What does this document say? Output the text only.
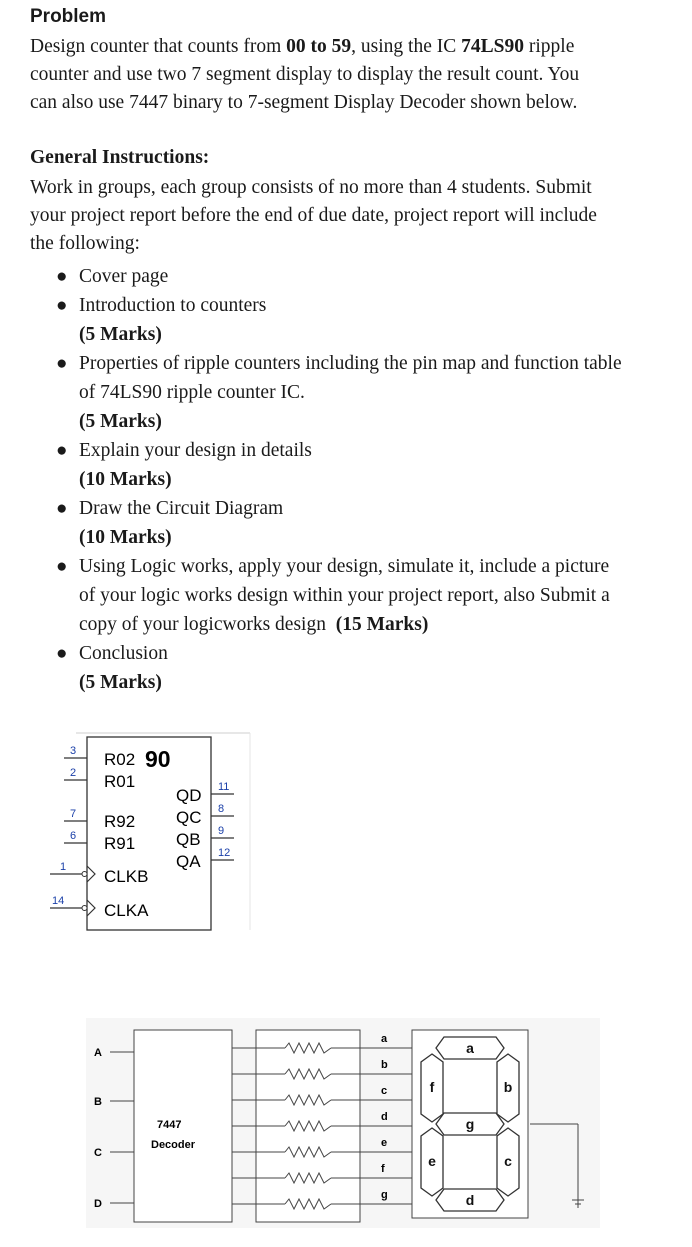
Problem
Design counter that counts from 00 to 59, using the IC 74LS90 ripple
counter and use two 7 segment display to display the result count. You
can also use 7447 binary to 7-segment Display Decoder shown below.
General Instructions:
Work in groups, each group consists of no more than 4 students. Submit
your project report before the end of due date, project report will include
the following:
● Cover page
● Introduction to counters
(5 Marks)
● Properties of ripple counters including the pin map and function table
of 74LS90 ripple counter IC.
(5 Marks)
● Explain your design in details
(10 Marks)
● Draw the Circuit Diagram
(10 Marks)
● Using Logic works, apply your design, simulate it, include a picture
of your logic works design within your project report, also Submit a
copy of your logicworks design (15 Marks)
● Conclusion
(5 Marks)
3
2
7
6
1
14
11
8
9
12
R02 90
R01
R92
R91
CLKB
CLKA
QD
QC
QB
QA
7447
Decoder
A
B
C
D
a
b
c
d
e
f
g
a
b
c
d
e
f
g
